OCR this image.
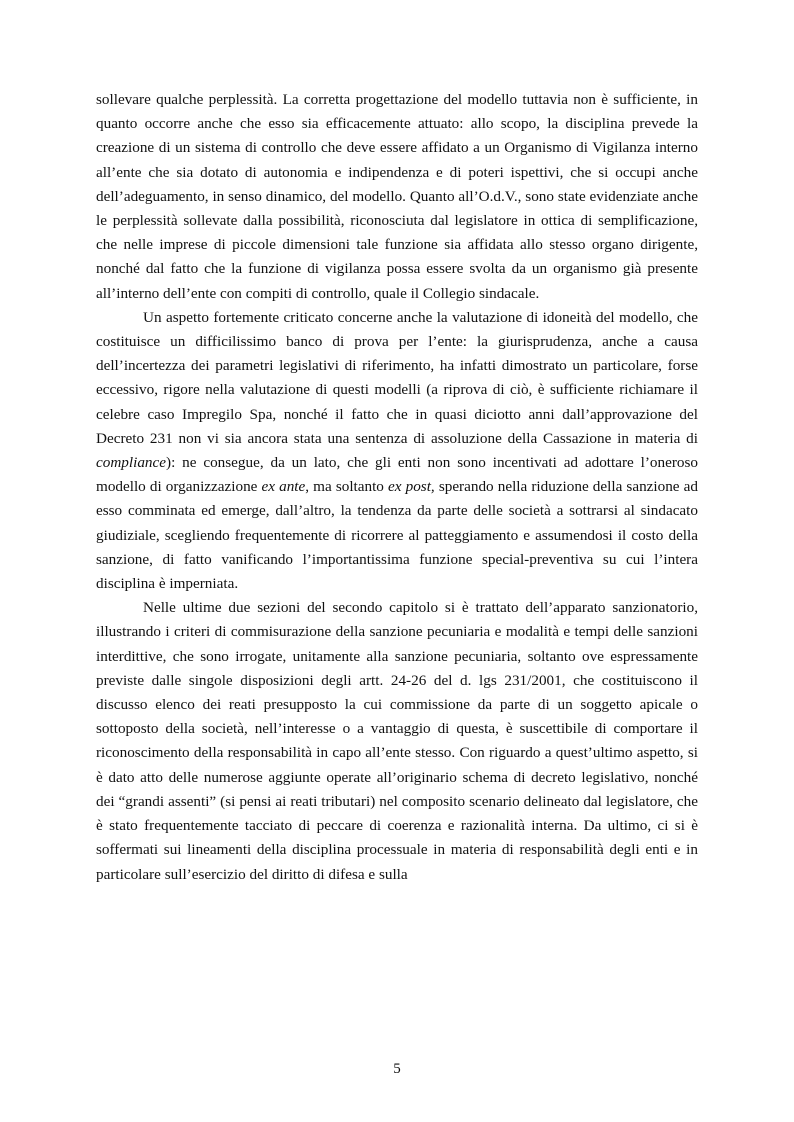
sollevare qualche perplessità. La corretta progettazione del modello tuttavia non è sufficiente, in quanto occorre anche che esso sia efficacemente attuato: allo scopo, la disciplina prevede la creazione di un sistema di controllo che deve essere affidato a un Organismo di Vigilanza interno all’ente che sia dotato di autonomia e indipendenza e di poteri ispettivi, che si occupi anche dell’adeguamento, in senso dinamico, del modello. Quanto all’O.d.V., sono state evidenziate anche le perplessità sollevate dalla possibilità, riconosciuta dal legislatore in ottica di semplificazione, che nelle imprese di piccole dimensioni tale funzione sia affidata allo stesso organo dirigente, nonché dal fatto che la funzione di vigilanza possa essere svolta da un organismo già presente all’interno dell’ente con compiti di controllo, quale il Collegio sindacale.

Un aspetto fortemente criticato concerne anche la valutazione di idoneità del modello, che costituisce un difficilissimo banco di prova per l’ente: la giurisprudenza, anche a causa dell’incertezza dei parametri legislativi di riferimento, ha infatti dimostrato un particolare, forse eccessivo, rigore nella valutazione di questi modelli (a riprova di ciò, è sufficiente richiamare il celebre caso Impregilo Spa, nonché il fatto che in quasi diciotto anni dall’approvazione del Decreto 231 non vi sia ancora stata una sentenza di assoluzione della Cassazione in materia di compliance): ne consegue, da un lato, che gli enti non sono incentivati ad adottare l’oneroso modello di organizzazione ex ante, ma soltanto ex post, sperando nella riduzione della sanzione ad esso comminata ed emerge, dall’altro, la tendenza da parte delle società a sottrarsi al sindacato giudiziale, scegliendo frequentemente di ricorrere al patteggiamento e assumendosi il costo della sanzione, di fatto vanificando l’importantissima funzione special-preventiva su cui l’intera disciplina è imperniata.

Nelle ultime due sezioni del secondo capitolo si è trattato dell’apparato sanzionatorio, illustrando i criteri di commisurazione della sanzione pecuniaria e modalità e tempi delle sanzioni interdittive, che sono irrogate, unitamente alla sanzione pecuniaria, soltanto ove espressamente previste dalle singole disposizioni degli artt. 24-26 del d. lgs 231/2001, che costituiscono il discusso elenco dei reati presupposto la cui commissione da parte di un soggetto apicale o sottoposto della società, nell’interesse o a vantaggio di questa, è suscettibile di comportare il riconoscimento della responsabilità in capo all’ente stesso. Con riguardo a quest’ultimo aspetto, si è dato atto delle numerose aggiunte operate all’originario schema di decreto legislativo, nonché dei “grandi assenti” (si pensi ai reati tributari) nel composito scenario delineato dal legislatore, che è stato frequentemente tacciato di peccare di coerenza e razionalità interna. Da ultimo, ci si è soffermati sui lineamenti della disciplina processuale in materia di responsabilità degli enti e in particolare sull’esercizio del diritto di difesa e sulla

5
